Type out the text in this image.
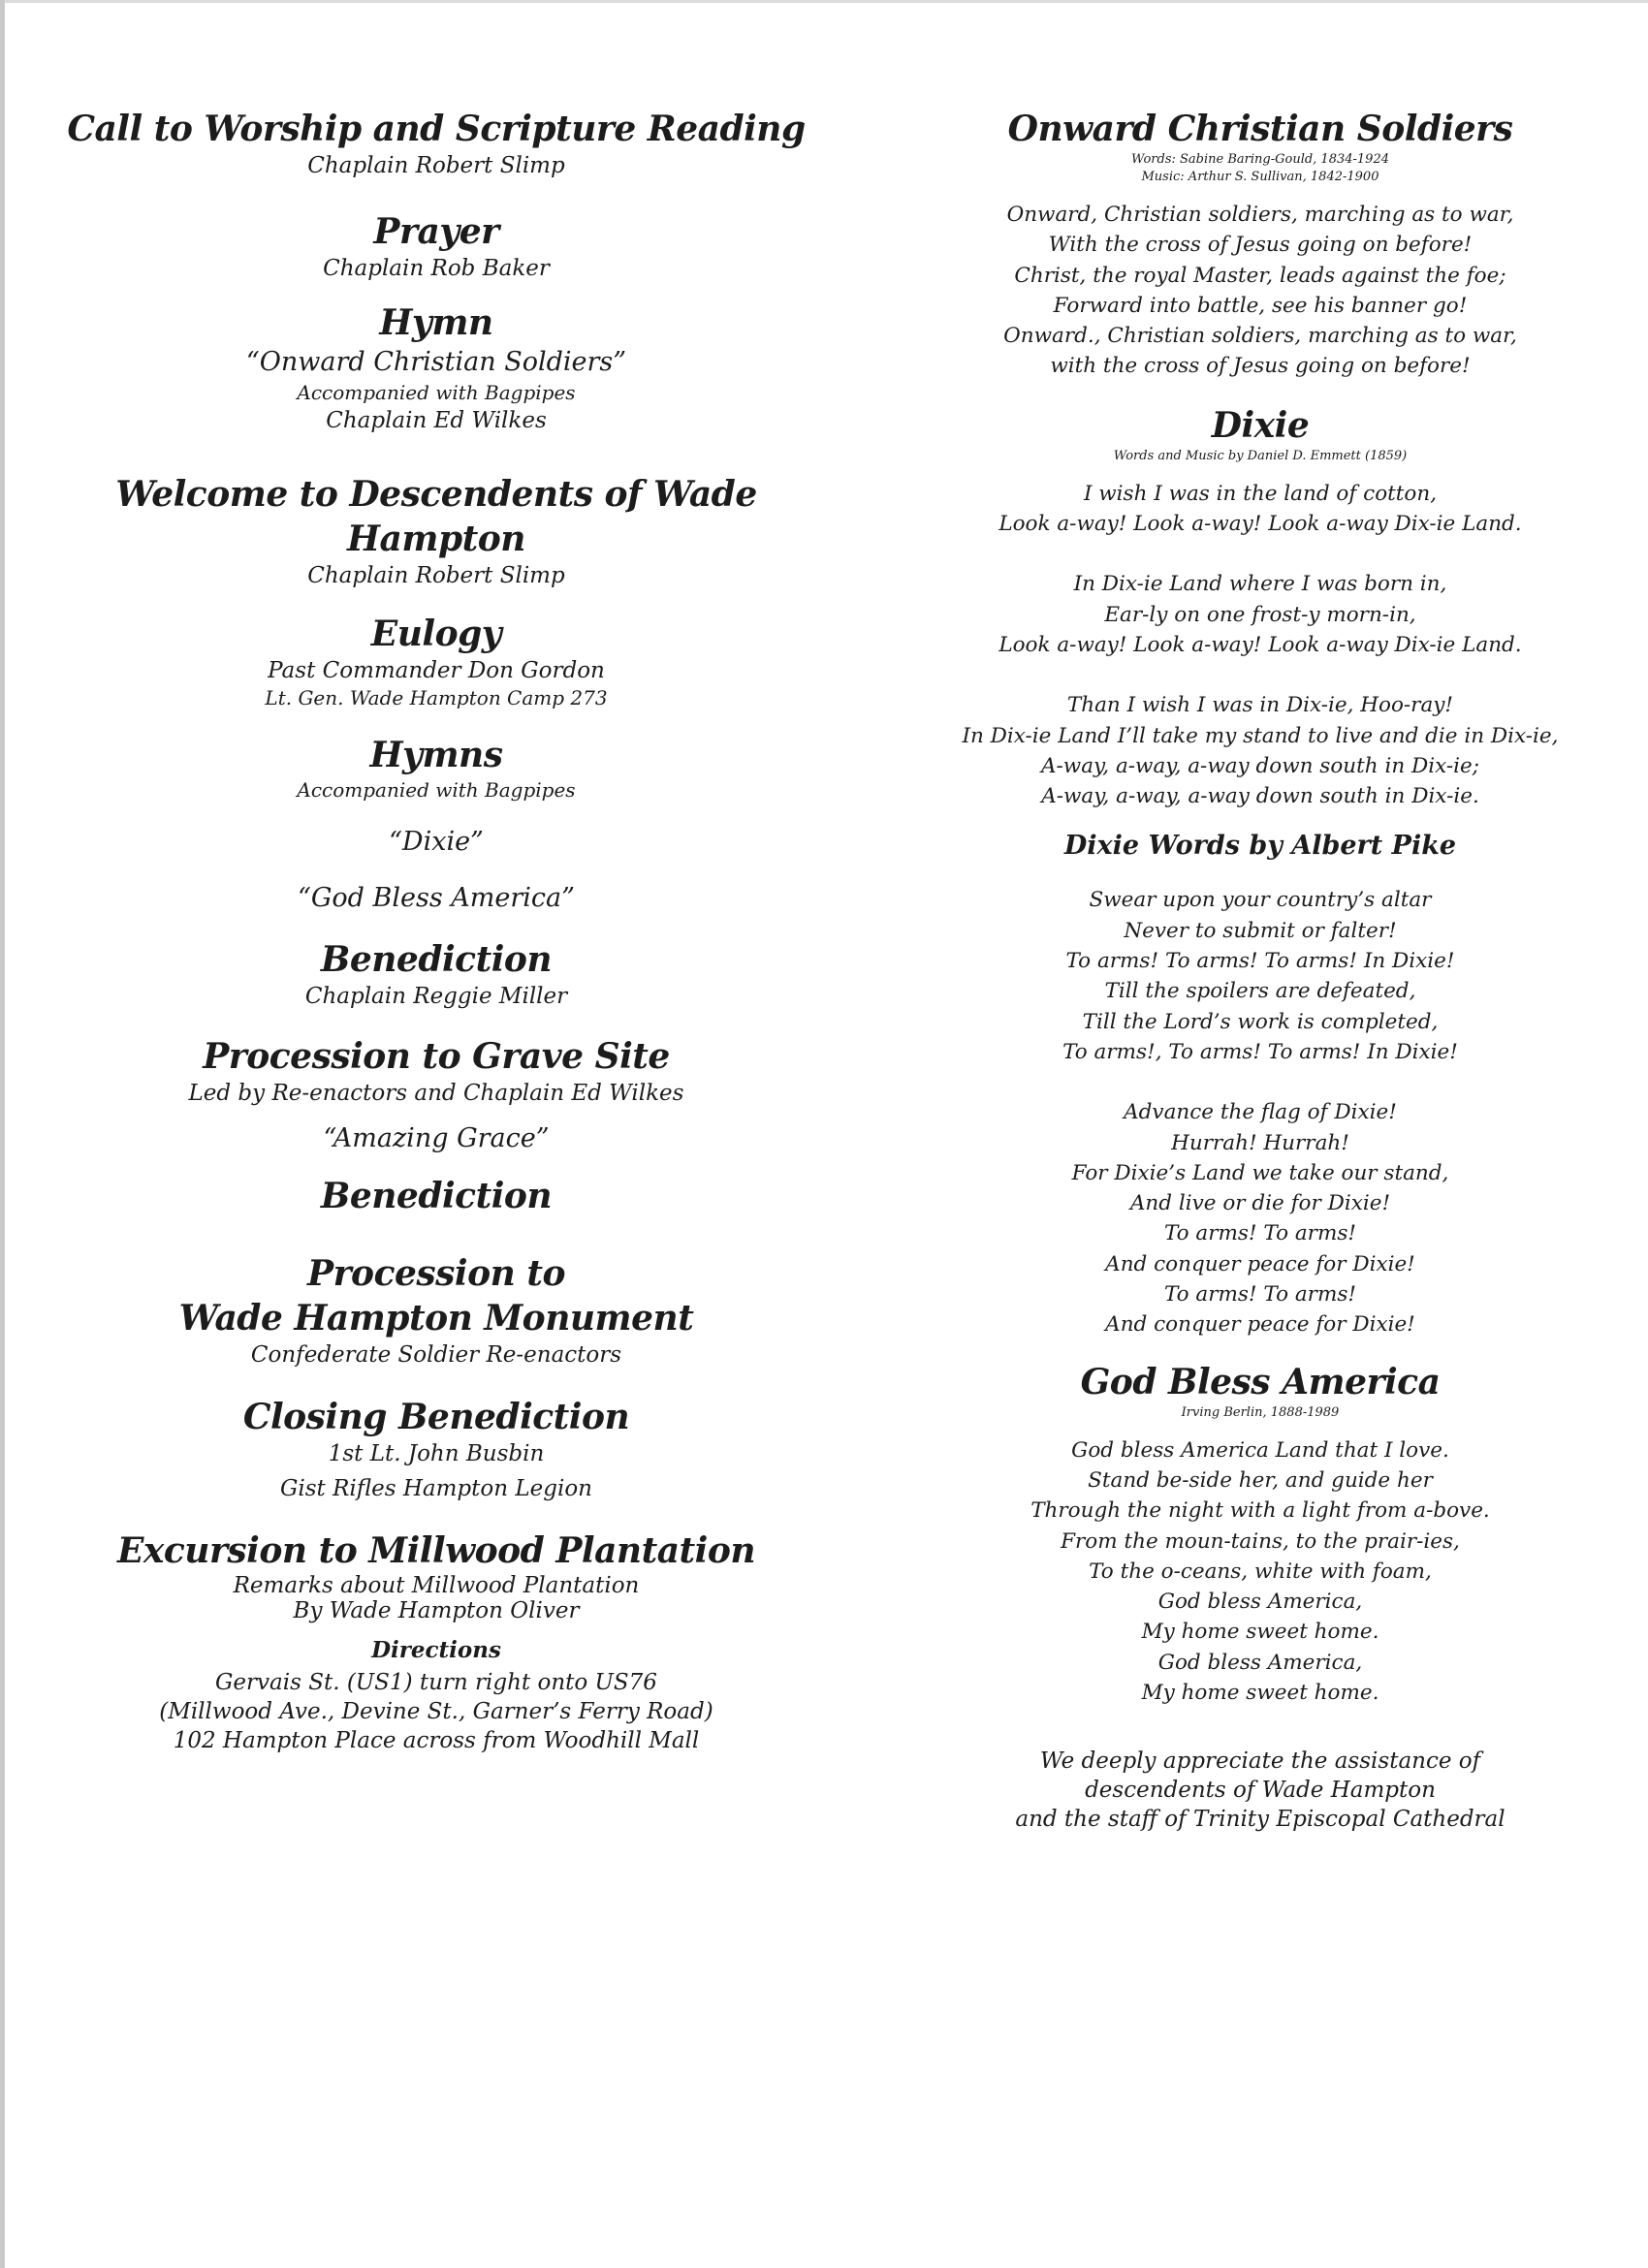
Call to Worship and Scripture Reading
Chaplain Robert Slimp
Prayer
Chaplain Rob Baker
Hymn
“Onward Christian Soldiers”
Accompanied with Bagpipes
Chaplain Ed Wilkes
Welcome to Descendents of Wade Hampton
Chaplain Robert Slimp
Eulogy
Past Commander Don Gordon
Lt. Gen. Wade Hampton Camp 273
Hymns
Accompanied with Bagpipes
“Dixie”
“God Bless America”
Benediction
Chaplain Reggie Miller
Procession to Grave Site
Led by Re-enactors and Chaplain Ed Wilkes
“Amazing Grace”
Benediction
Procession to
Wade Hampton Monument
Confederate Soldier Re-enactors
Closing Benediction
1st Lt. John Busbin
Gist Rifles Hampton Legion
Excursion to Millwood Plantation
Remarks about Millwood Plantation
By Wade Hampton Oliver
Directions
Gervais St. (US1) turn right onto US76
(Millwood Ave., Devine St., Garner’s Ferry Road)
102 Hampton Place across from Woodhill Mall
Onward Christian Soldiers
Words: Sabine Baring-Gould, 1834-1924
Music: Arthur S. Sullivan, 1842-1900
Onward, Christian soldiers, marching as to war,
With the cross of Jesus going on before!
Christ, the royal Master, leads against the foe;
Forward into battle, see his banner go!
Onward., Christian soldiers, marching as to war,
with the cross of Jesus going on before!
Dixie
Words and Music by Daniel D. Emmett (1859)
I wish I was in the land of cotton,
Look a-way! Look a-way! Look a-way Dix-ie Land.
In Dix-ie Land where I was born in,
Ear-ly on one frost-y morn-in,
Look a-way! Look a-way! Look a-way Dix-ie Land.
Than I wish I was in Dix-ie, Hoo-ray!
In Dix-ie Land I’ll take my stand to live and die in Dix-ie,
A-way, a-way, a-way down south in Dix-ie;
A-way, a-way, a-way down south in Dix-ie.
Dixie Words by Albert Pike
Swear upon your country’s altar
Never to submit or falter!
To arms! To arms! To arms! In Dixie!
Till the spoilers are defeated,
Till the Lord’s work is completed,
To arms!, To arms! To arms! In Dixie!
Advance the flag of Dixie!
Hurrah! Hurrah!
For Dixie’s Land we take our stand,
And live or die for Dixie!
To arms! To arms!
And conquer peace for Dixie!
To arms! To arms!
And conquer peace for Dixie!
God Bless America
Irving Berlin, 1888-1989
God bless America Land that I love.
Stand be-side her, and guide her
Through the night with a light from a-bove.
From the moun-tains, to the prair-ies,
To the o-ceans, white with foam,
God bless America,
My home sweet home.
God bless America,
My home sweet home.
We deeply appreciate the assistance of
descendents of Wade Hampton
and the staff of Trinity Episcopal Cathedral
